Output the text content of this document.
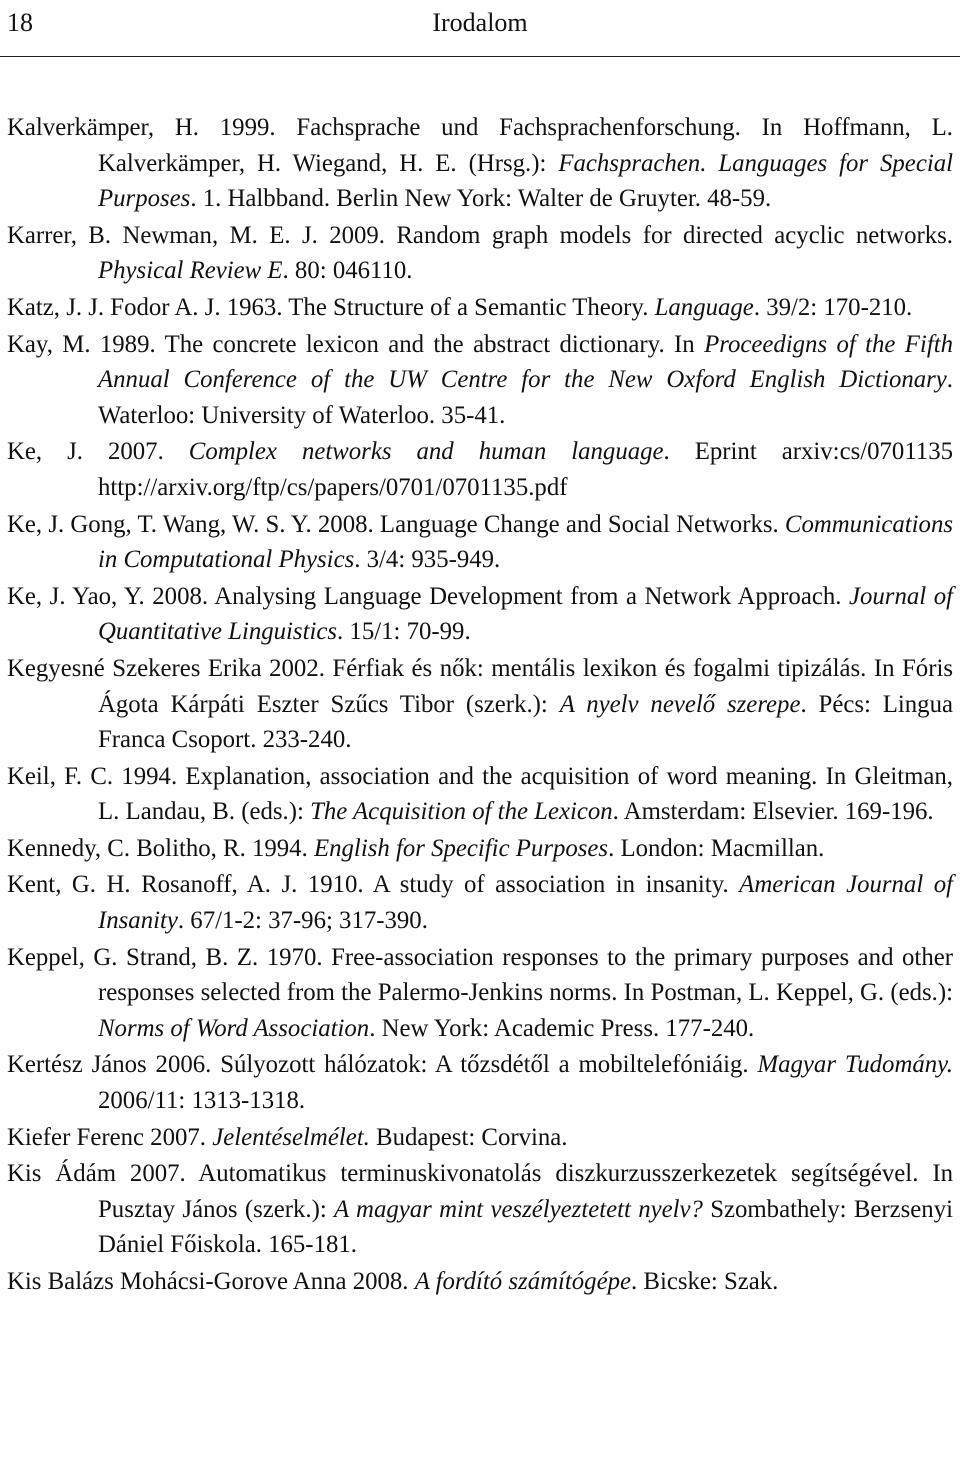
18	Irodalom

Kalverkämper, H. 1999. Fachsprache und Fachsprachenforschung. In Hoffmann, L. Kalverkämper, H. Wiegand, H. E. (Hrsg.): Fachsprachen. Languages for Special Purposes. 1. Halbband. Berlin New York: Walter de Gruyter. 48-59.

Karrer, B. Newman, M. E. J. 2009. Random graph models for directed acyclic networks. Physical Review E. 80: 046110.

Katz, J. J. Fodor A. J. 1963. The Structure of a Semantic Theory. Language. 39/2: 170-210.

Kay, M. 1989. The concrete lexicon and the abstract dictionary. In Proceedigns of the Fifth Annual Conference of the UW Centre for the New Oxford English Dictionary. Waterloo: University of Waterloo. 35-41.

Ke, J. 2007. Complex networks and human language. Eprint arxiv:cs/0701135 http://arxiv.org/ftp/cs/papers/0701/0701135.pdf

Ke, J. Gong, T. Wang, W. S. Y. 2008. Language Change and Social Networks. Communications in Computational Physics. 3/4: 935-949.

Ke, J. Yao, Y. 2008. Analysing Language Development from a Network Approach. Journal of Quantitative Linguistics. 15/1: 70-99.

Kegyesné Szekeres Erika 2002. Férfiak és nők: mentális lexikon és fogalmi tipizálás. In Fóris Ágota Kárpáti Eszter Szűcs Tibor (szerk.): A nyelv nevelő szerepe. Pécs: Lingua Franca Csoport. 233-240.

Keil, F. C. 1994. Explanation, association and the acquisition of word meaning. In Gleitman, L. Landau, B. (eds.): The Acquisition of the Lexicon. Amsterdam: Elsevier. 169-196.

Kennedy, C. Bolitho, R. 1994. English for Specific Purposes. London: Macmillan.

Kent, G. H. Rosanoff, A. J. 1910. A study of association in insanity. American Journal of Insanity. 67/1-2: 37-96; 317-390.

Keppel, G. Strand, B. Z. 1970. Free-association responses to the primary purposes and other responses selected from the Palermo-Jenkins norms. In Postman, L. Keppel, G. (eds.): Norms of Word Association. New York: Academic Press. 177-240.

Kertész János 2006. Súlyozott hálózatok: A tőzsdétől a mobiltelefóniáig. Magyar Tudomány. 2006/11: 1313-1318.

Kiefer Ferenc 2007. Jelentéselmélet. Budapest: Corvina.

Kis Ádám 2007. Automatikus terminuskivonatolás diszkurzusszerkezetek segítségével. In Pusztay János (szerk.): A magyar mint veszélyeztetett nyelv? Szombathely: Berzsenyi Dániel Főiskola. 165-181.

Kis Balázs Mohácsi-Gorove Anna 2008. A fordító számítógépe. Bicske: Szak.
